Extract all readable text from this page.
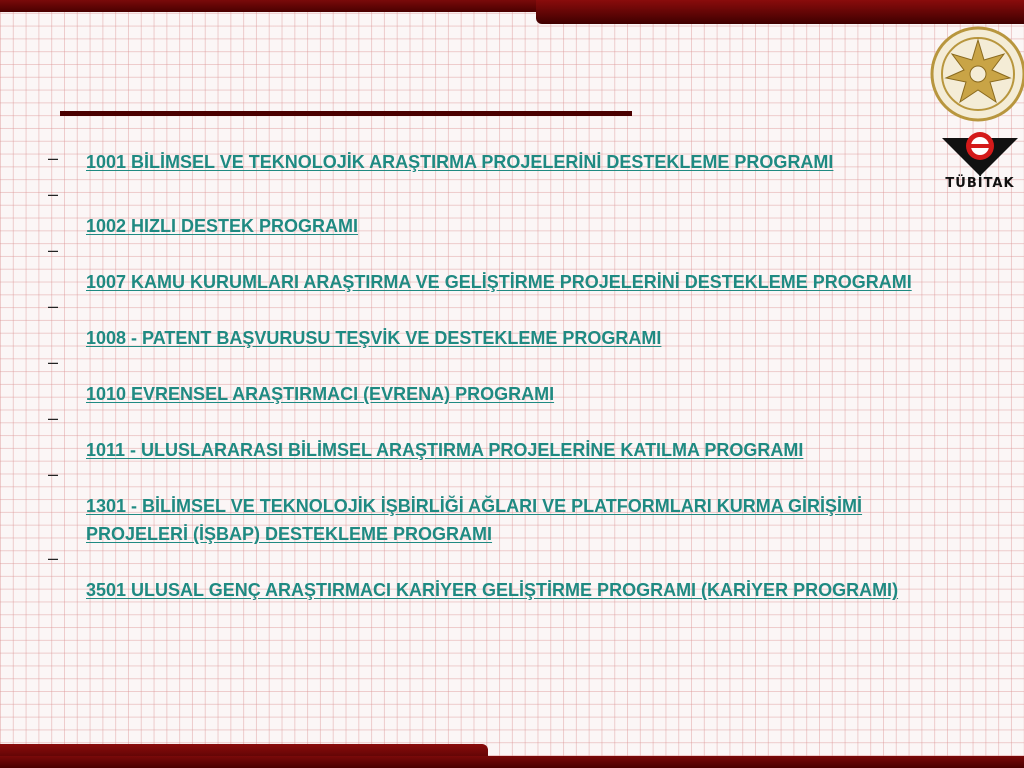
TÜBİTAK
– 1001 BİLİMSEL VE TEKNOLOJİK ARAŞTIRMA PROJELERİNİ DESTEKLEME PROGRAMI
–
1002 HIZLI DESTEK PROGRAMI
–
1007 KAMU KURUMLARI ARAŞTIRMA VE GELİŞTİRME PROJELERİNİ DESTEKLEME PROGRAMI
–
1008 - PATENT BAŞVURUSU TEŞVİK VE DESTEKLEME PROGRAMI
–
1010 EVRENSEL ARAŞTIRMACI (EVRENA) PROGRAMI
–
1011 - ULUSLARARASI BİLİMSEL ARAŞTIRMA PROJELERİNE KATILMA PROGRAMI
–
1301 - BİLİMSEL VE TEKNOLOJİK İŞBİRLİĞİ AĞLARI VE PLATFORMLARI KURMA GİRİŞİMİ PROJELERİ (İŞBAP) DESTEKLEME PROGRAMI
–
3501 ULUSAL GENÇ ARAŞTIRMACI KARİYER GELİŞTİRME PROGRAMI (KARİYER PROGRAMI)
